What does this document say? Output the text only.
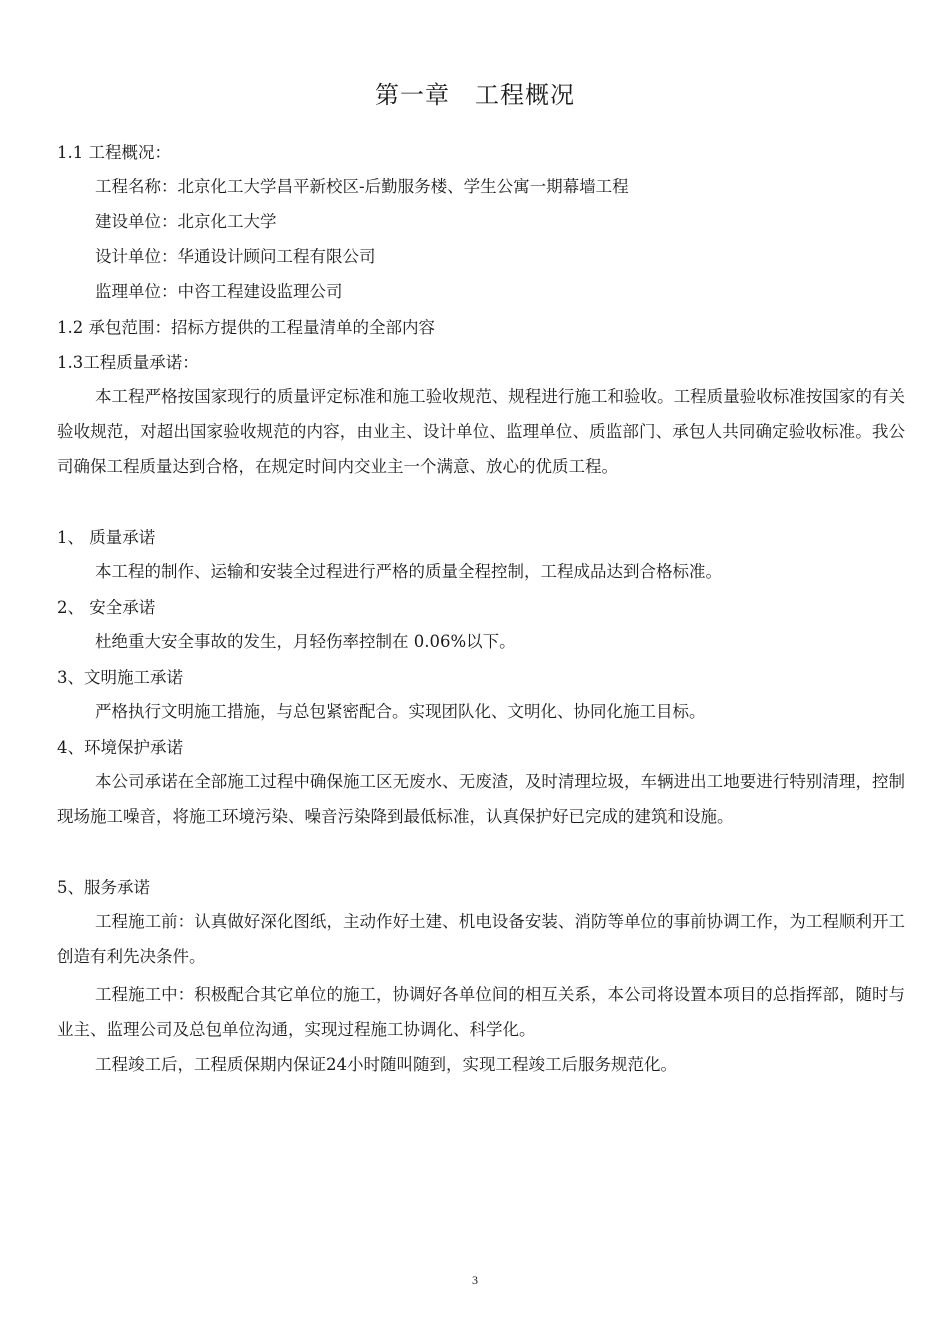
第一章　工程概况
1.1 工程概况：
工程名称：北京化工大学昌平新校区-后勤服务楼、学生公寓一期幕墙工程
建设单位：北京化工大学
设计单位：华通设计顾问工程有限公司
监理单位：中咨工程建设监理公司
1.2 承包范围：招标方提供的工程量清单的全部内容
1.3工程质量承诺：

本工程严格按国家现行的质量评定标准和施工验收规范、规程进行施工和验收。工程质量验收标准按国家的有关验收规范，对超出国家验收规范的内容，由业主、设计单位、监理单位、质监部门、承包人共同确定验收标准。我公司确保工程质量达到合格，在规定时间内交业主一个满意、放心的优质工程。

1、 质量承诺

本工程的制作、运输和安装全过程进行严格的质量全程控制，工程成品达到合格标准。

2、 安全承诺

杜绝重大安全事故的发生，月轻伤率控制在 0.06%以下。

3、文明施工承诺

严格执行文明施工措施，与总包紧密配合。实现团队化、文明化、协同化施工目标。

4、环境保护承诺

本公司承诺在全部施工过程中确保施工区无废水、无废渣，及时清理垃圾，车辆进出工地要进行特别清理，控制现场施工噪音，将施工环境污染、噪音污染降到最低标准，认真保护好已完成的建筑和设施。

5、服务承诺

工程施工前：认真做好深化图纸，主动作好土建、机电设备安装、消防等单位的事前协调工作，为工程顺利开工创造有利先决条件。

工程施工中：积极配合其它单位的施工，协调好各单位间的相互关系，本公司将设置本项目的总指挥部，随时与业主、监理公司及总包单位沟通，实现过程施工协调化、科学化。

工程竣工后，工程质保期内保证24小时随叫随到，实现工程竣工后服务规范化。

3
